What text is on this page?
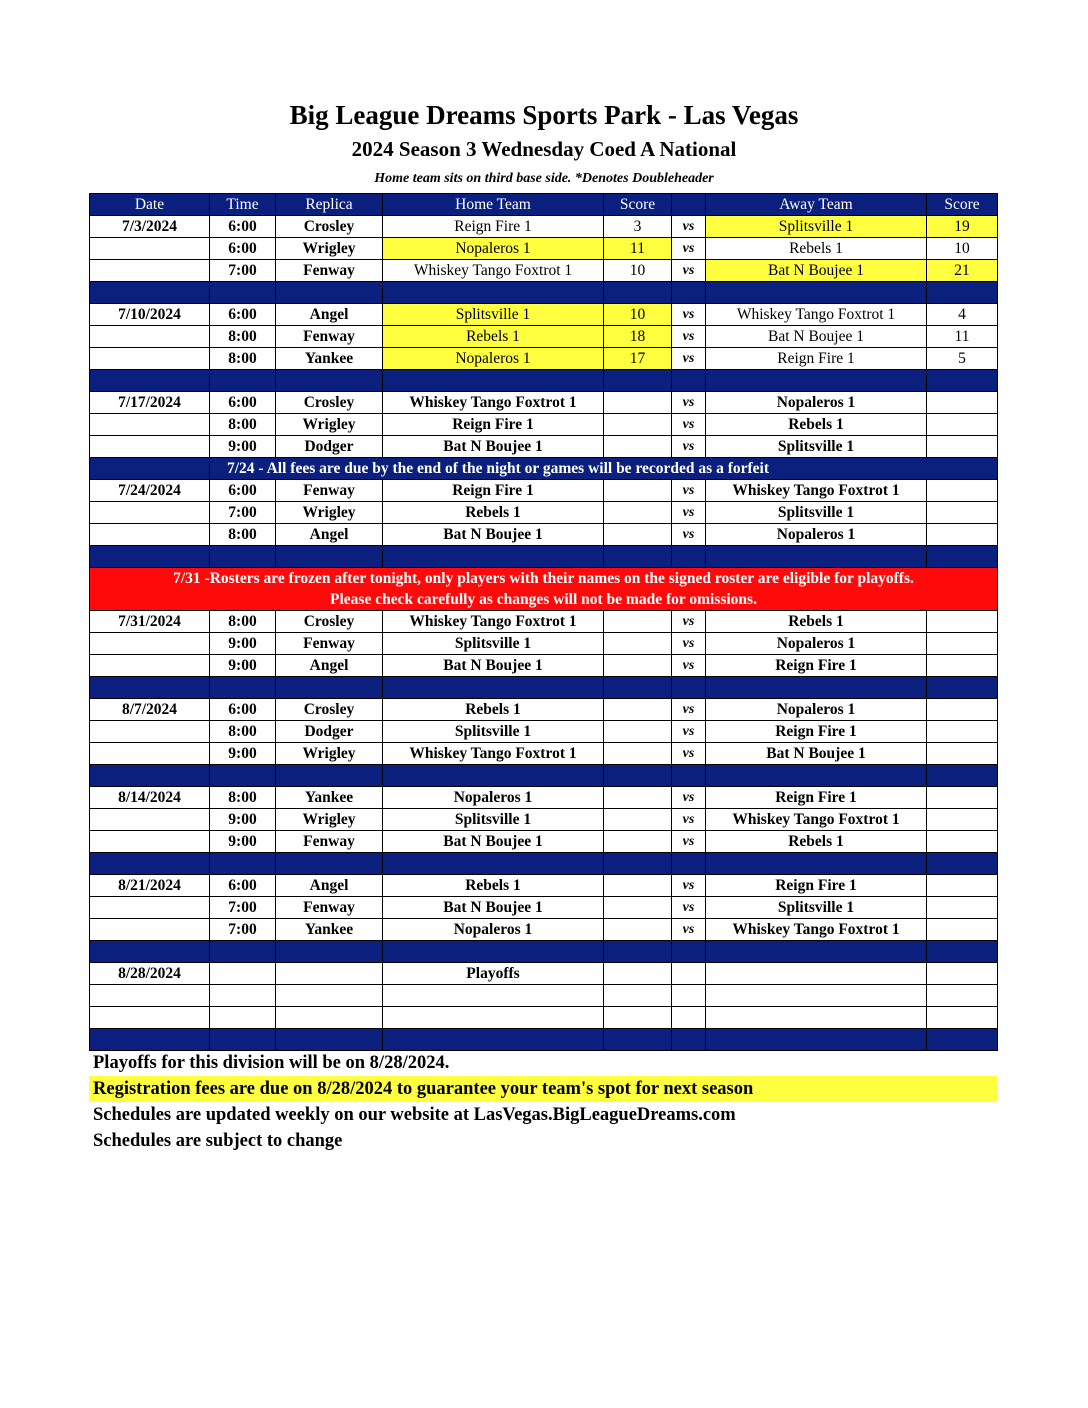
Big League Dreams Sports Park - Las Vegas
2024 Season 3 Wednesday Coed A National
Home team sits on third base side. *Denotes Doubleheader
Date	Time	Replica	Home Team	Score		Away Team	Score
7/3/2024	6:00	Crosley	Reign Fire 1	3	vs	Splitsville 1	19
	6:00	Wrigley	Nopaleros 1	11	vs	Rebels 1	10
	7:00	Fenway	Whiskey Tango Foxtrot 1	10	vs	Bat N Boujee 1	21

7/10/2024	6:00	Angel	Splitsville 1	10	vs	Whiskey Tango Foxtrot 1	4
	8:00	Fenway	Rebels 1	18	vs	Bat N Boujee 1	11
	8:00	Yankee	Nopaleros 1	17	vs	Reign Fire 1	5

7/17/2024	6:00	Crosley	Whiskey Tango Foxtrot 1		vs	Nopaleros 1	
	8:00	Wrigley	Reign Fire 1		vs	Rebels 1	
	9:00	Dodger	Bat N Boujee 1		vs	Splitsville 1	
	7/24 - All fees are due by the end of the night or games will be recorded as a forfeit						
7/24/2024	6:00	Fenway	Reign Fire 1		vs	Whiskey Tango Foxtrot 1	
	7:00	Wrigley	Rebels 1		vs	Splitsville 1	
	8:00	Angel	Bat N Boujee 1		vs	Nopaleros 1	

7/31 -Rosters are frozen after tonight, only players with their names on the signed roster are eligible for playoffs.
Please check carefully as changes will not be made for omissions.							

7/31/2024	8:00	Crosley	Whiskey Tango Foxtrot 1		vs	Rebels 1	
	9:00	Fenway	Splitsville 1		vs	Nopaleros 1	
	9:00	Angel	Bat N Boujee 1		vs	Reign Fire 1	

8/7/2024	6:00	Crosley	Rebels 1		vs	Nopaleros 1	
	8:00	Dodger	Splitsville 1		vs	Reign Fire 1	
	9:00	Wrigley	Whiskey Tango Foxtrot 1		vs	Bat N Boujee 1	

8/14/2024	8:00	Yankee	Nopaleros 1		vs	Reign Fire 1	
	9:00	Wrigley	Splitsville 1		vs	Whiskey Tango Foxtrot 1	
	9:00	Fenway	Bat N Boujee 1		vs	Rebels 1	

8/21/2024	6:00	Angel	Rebels 1		vs	Reign Fire 1	
	7:00	Fenway	Bat N Boujee 1		vs	Splitsville 1	
	7:00	Yankee	Nopaleros 1		vs	Whiskey Tango Foxtrot 1	

8/28/2024			Playoffs				

Playoffs for this division will be on 8/28/2024.
Registration fees are due on 8/28/2024 to guarantee your team's spot for next season
Schedules are updated weekly on our website at LasVegas.BigLeagueDreams.com
Schedules are subject to change
